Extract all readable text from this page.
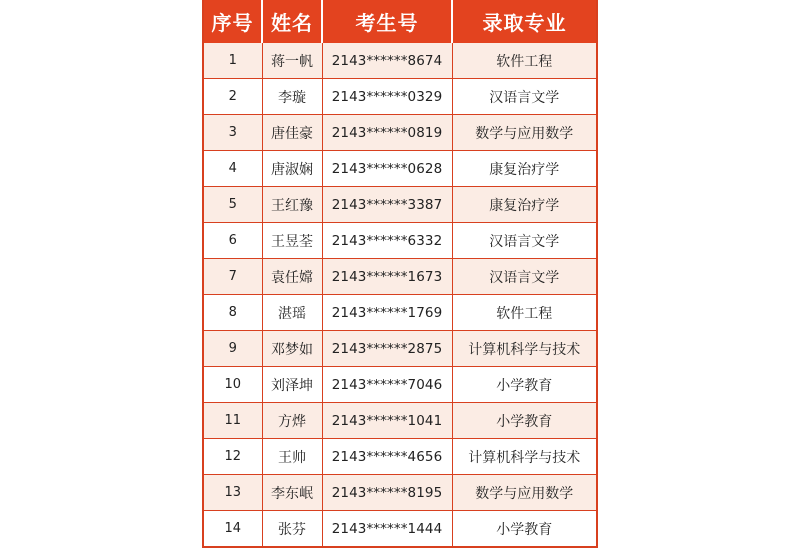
序号	姓名	考生号	录取专业
1	蒋一帆	2143******8674	软件工程
2	李璇	2143******0329	汉语言文学
3	唐佳豪	2143******0819	数学与应用数学
4	唐淑娴	2143******0628	康复治疗学
5	王红豫	2143******3387	康复治疗学
6	王昱荃	2143******6332	汉语言文学
7	袁任嫦	2143******1673	汉语言文学
8	湛瑶	2143******1769	软件工程
9	邓梦如	2143******2875	计算机科学与技术
10	刘泽坤	2143******7046	小学教育
11	方烨	2143******1041	小学教育
12	王帅	2143******4656	计算机科学与技术
13	李东岷	2143******8195	数学与应用数学
14	张芬	2143******1444	小学教育
